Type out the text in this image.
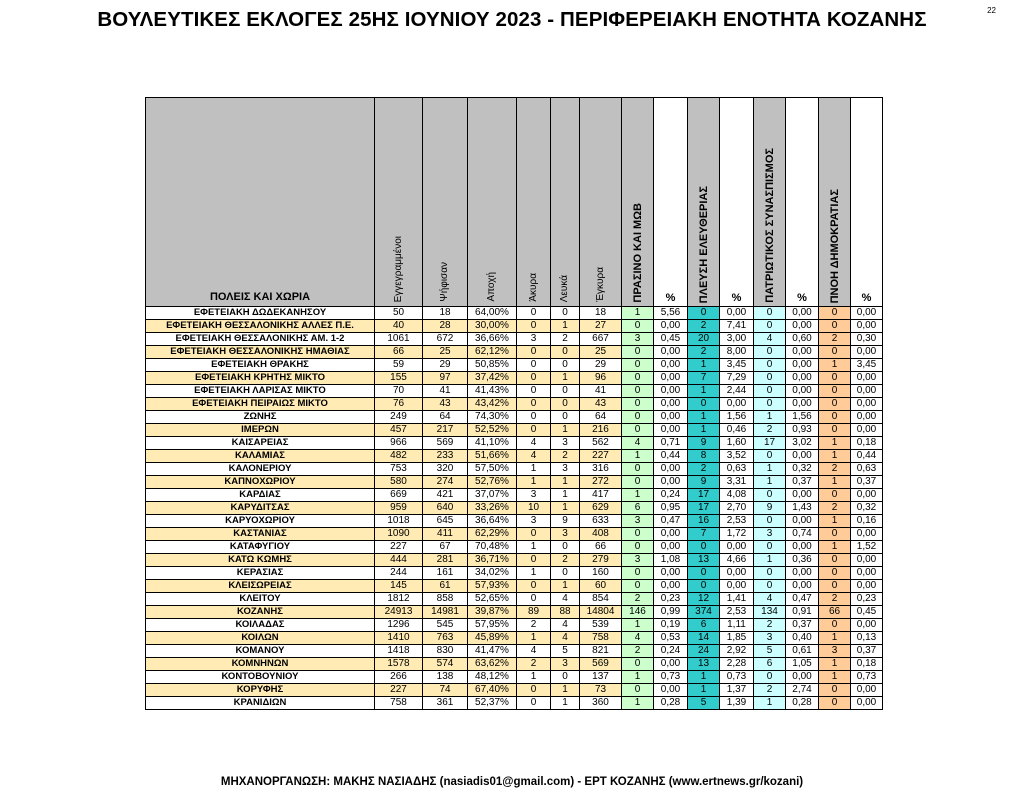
22
ΒΟΥΛΕΥΤΙΚΕΣ ΕΚΛΟΓΕΣ 25ΗΣ ΙΟΥΝΙΟΥ 2023 - ΠΕΡΙΦΕΡΕΙΑΚΗ ΕΝΟΤΗΤΑ ΚΟΖΑΝΗΣ
ΠΟΛΕΙΣ ΚΑΙ ΧΩΡΙΑ	Εγγεγραμμένοι	Ψήφισαν	Αποχή	Άκυρα	Λευκά	Έγκυρα	ΠΡΑΣΙΝΟ ΚΑΙ ΜΩΒ	%	ΠΛΕΥΣΗ ΕΛΕΥΘΕΡΙΑΣ	%	ΠΑΤΡΙΩΤΙΚΟΣ ΣΥΝΑΣΠΙΣΜΟΣ	%	ΠΝΟΗ ΔΗΜΟΚΡΑΤΙΑΣ	%
ΕΦΕΤΕΙΑΚΗ ΔΩΔΕΚΑΝΗΣΟΥ	50	18	64,00%	0	0	18	1	5,56	0	0,00	0	0,00	0	0,00
ΕΦΕΤΕΙΑΚΗ ΘΕΣΣΑΛΟΝΙΚΗΣ ΑΛΛΕΣ Π.Ε.	40	28	30,00%	0	1	27	0	0,00	2	7,41	0	0,00	0	0,00
ΕΦΕΤΕΙΑΚΗ ΘΕΣΣΑΛΟΝΙΚΗΣ ΑΜ. 1-2	1061	672	36,66%	3	2	667	3	0,45	20	3,00	4	0,60	2	0,30
ΕΦΕΤΕΙΑΚΗ ΘΕΣΣΑΛΟΝΙΚΗΣ ΗΜΑΘΙΑΣ	66	25	62,12%	0	0	25	0	0,00	2	8,00	0	0,00	0	0,00
ΕΦΕΤΕΙΑΚΗ ΘΡΑΚΗΣ	59	29	50,85%	0	0	29	0	0,00	1	3,45	0	0,00	1	3,45
ΕΦΕΤΕΙΑΚΗ ΚΡΗΤΗΣ ΜΙΚΤΟ	155	97	37,42%	0	1	96	0	0,00	7	7,29	0	0,00	0	0,00
ΕΦΕΤΕΙΑΚΗ ΛΑΡΙΣΑΣ ΜΙΚΤΟ	70	41	41,43%	0	0	41	0	0,00	1	2,44	0	0,00	0	0,00
ΕΦΕΤΕΙΑΚΗ ΠΕΙΡΑΙΩΣ ΜΙΚΤΟ	76	43	43,42%	0	0	43	0	0,00	0	0,00	0	0,00	0	0,00
ΖΩΝΗΣ	249	64	74,30%	0	0	64	0	0,00	1	1,56	1	1,56	0	0,00
ΙΜΕΡΩΝ	457	217	52,52%	0	1	216	0	0,00	1	0,46	2	0,93	0	0,00
ΚΑΙΣΑΡΕΙΑΣ	966	569	41,10%	4	3	562	4	0,71	9	1,60	17	3,02	1	0,18
ΚΑΛΑΜΙΑΣ	482	233	51,66%	4	2	227	1	0,44	8	3,52	0	0,00	1	0,44
ΚΑΛΟΝΕΡΙΟΥ	753	320	57,50%	1	3	316	0	0,00	2	0,63	1	0,32	2	0,63
ΚΑΠΝΟΧΩΡΙΟΥ	580	274	52,76%	1	1	272	0	0,00	9	3,31	1	0,37	1	0,37
ΚΑΡΔΙΑΣ	669	421	37,07%	3	1	417	1	0,24	17	4,08	0	0,00	0	0,00
ΚΑΡΥΔΙΤΣΑΣ	959	640	33,26%	10	1	629	6	0,95	17	2,70	9	1,43	2	0,32
ΚΑΡΥΟΧΩΡΙΟΥ	1018	645	36,64%	3	9	633	3	0,47	16	2,53	0	0,00	1	0,16
ΚΑΣΤΑΝΙΑΣ	1090	411	62,29%	0	3	408	0	0,00	7	1,72	3	0,74	0	0,00
ΚΑΤΑΦΥΓΙΟΥ	227	67	70,48%	1	0	66	0	0,00	0	0,00	0	0,00	1	1,52
ΚΑΤΩ ΚΩΜΗΣ	444	281	36,71%	0	2	279	3	1,08	13	4,66	1	0,36	0	0,00
ΚΕΡΑΣΙΑΣ	244	161	34,02%	1	0	160	0	0,00	0	0,00	0	0,00	0	0,00
ΚΛΕΙΣΩΡΕΙΑΣ	145	61	57,93%	0	1	60	0	0,00	0	0,00	0	0,00	0	0,00
ΚΛΕΙΤΟΥ	1812	858	52,65%	0	4	854	2	0,23	12	1,41	4	0,47	2	0,23
ΚΟΖΑΝΗΣ	24913	14981	39,87%	89	88	14804	146	0,99	374	2,53	134	0,91	66	0,45
ΚΟΙΛΑΔΑΣ	1296	545	57,95%	2	4	539	1	0,19	6	1,11	2	0,37	0	0,00
ΚΟΙΛΩΝ	1410	763	45,89%	1	4	758	4	0,53	14	1,85	3	0,40	1	0,13
ΚΟΜΑΝΟΥ	1418	830	41,47%	4	5	821	2	0,24	24	2,92	5	0,61	3	0,37
ΚΟΜΝΗΝΩΝ	1578	574	63,62%	2	3	569	0	0,00	13	2,28	6	1,05	1	0,18
ΚΟΝΤΟΒΟΥΝΙΟΥ	266	138	48,12%	1	0	137	1	0,73	1	0,73	0	0,00	1	0,73
ΚΟΡΥΦΗΣ	227	74	67,40%	0	1	73	0	0,00	1	1,37	2	2,74	0	0,00
ΚΡΑΝΙΔΙΩΝ	758	361	52,37%	0	1	360	1	0,28	5	1,39	1	0,28	0	0,00
ΜΗΧΑΝΟΡΓΑΝΩΣΗ: ΜΑΚΗΣ ΝΑΣΙΑΔΗΣ (nasiadis01@gmail.com) - ΕΡΤ ΚΟΖΑΝΗΣ (www.ertnews.gr/kozani)
